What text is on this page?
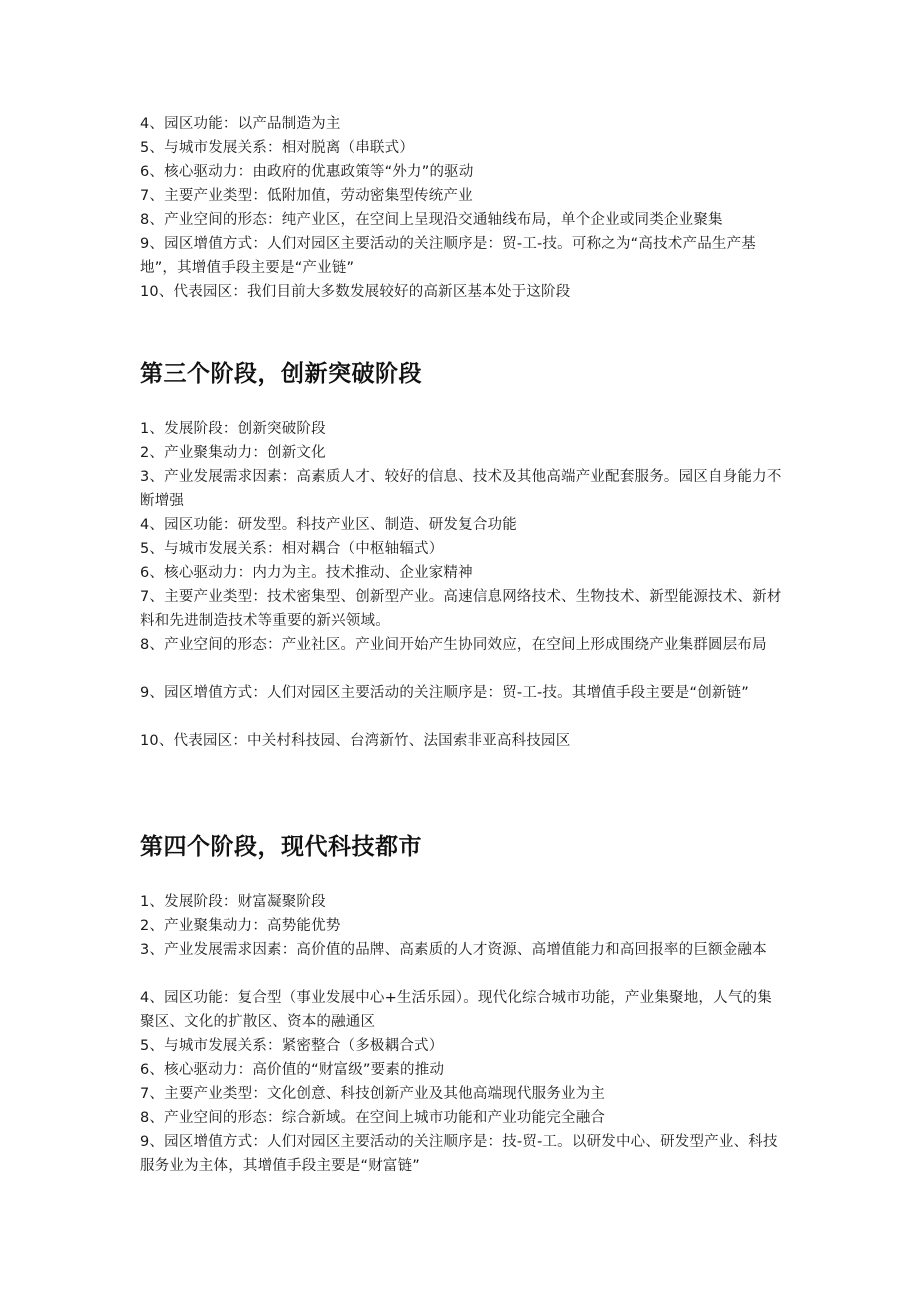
4、园区功能：以产品制造为主
5、与城市发展关系：相对脱离（串联式）
6、核心驱动力：由政府的优惠政策等“外力”的驱动
7、主要产业类型：低附加值，劳动密集型传统产业
8、产业空间的形态：纯产业区，在空间上呈现沿交通轴线布局，单个企业或同类企业聚集
9、园区增值方式：人们对园区主要活动的关注顺序是：贸-工-技。可称之为“高技术产品生产基地”，其增值手段主要是“产业链”
10、代表园区：我们目前大多数发展较好的高新区基本处于这阶段
第三个阶段，创新突破阶段
1、发展阶段：创新突破阶段
2、产业聚集动力：创新文化
3、产业发展需求因素：高素质人才、较好的信息、技术及其他高端产业配套服务。园区自身能力不断增强
4、园区功能：研发型。科技产业区、制造、研发复合功能
5、与城市发展关系：相对耦合（中枢轴辐式）
6、核心驱动力：内力为主。技术推动、企业家精神
7、主要产业类型：技术密集型、创新型产业。高速信息网络技术、生物技术、新型能源技术、新材料和先进制造技术等重要的新兴领域。
8、产业空间的形态：产业社区。产业间开始产生协同效应，在空间上形成围绕产业集群圆层布局
9、园区增值方式：人们对园区主要活动的关注顺序是：贸-工-技。其增值手段主要是“创新链”
10、代表园区：中关村科技园、台湾新竹、法国索非亚高科技园区
第四个阶段，现代科技都市
1、发展阶段：财富凝聚阶段
2、产业聚集动力：高势能优势
3、产业发展需求因素：高价值的品牌、高素质的人才资源、高增值能力和高回报率的巨额金融本
4、园区功能：复合型（事业发展中心+生活乐园）。现代化综合城市功能，产业集聚地，人气的集聚区、文化的扩散区、资本的融通区
5、与城市发展关系：紧密整合（多极耦合式）
6、核心驱动力：高价值的“财富级”要素的推动
7、主要产业类型：文化创意、科技创新产业及其他高端现代服务业为主
8、产业空间的形态：综合新域。在空间上城市功能和产业功能完全融合
9、园区增值方式：人们对园区主要活动的关注顺序是：技-贸-工。以研发中心、研发型产业、科技服务业为主体，其增值手段主要是“财富链”
